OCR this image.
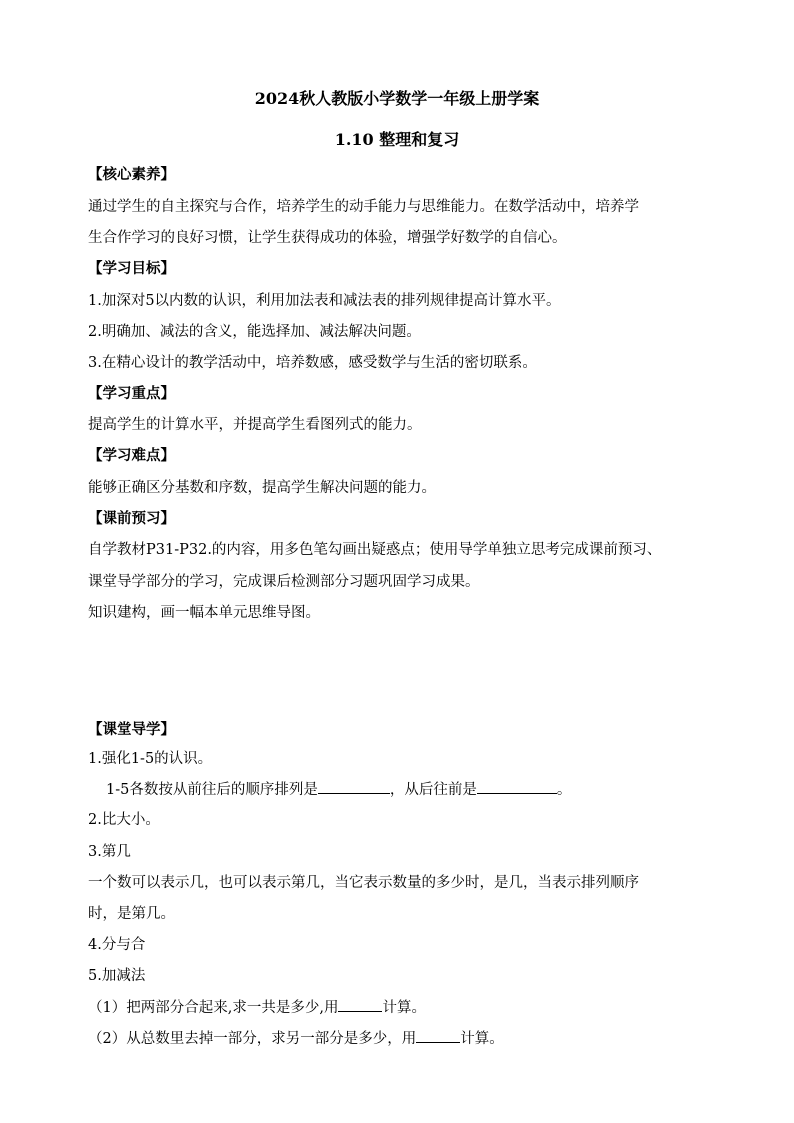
2024秋人教版小学数学一年级上册学案
1.10 整理和复习
【核心素养】
通过学生的自主探究与合作，培养学生的动手能力与思维能力。在数学活动中，培养学
生合作学习的良好习惯，让学生获得成功的体验，增强学好数学的自信心。
【学习目标】
1.加深对5以内数的认识，利用加法表和减法表的排列规律提高计算水平。
2.明确加、减法的含义，能选择加、减法解决问题。
3.在精心设计的教学活动中，培养数感，感受数学与生活的密切联系。
【学习重点】
提高学生的计算水平，并提高学生看图列式的能力。
【学习难点】
能够正确区分基数和序数，提高学生解决问题的能力。
【课前预习】
自学教材P31-P32.的内容，用多色笔勾画出疑惑点；使用导学单独立思考完成课前预习、
课堂导学部分的学习，完成课后检测部分习题巩固学习成果。
知识建构，画一幅本单元思维导图。
【课堂导学】
1.强化1-5的认识。
1-5各数按从前往后的顺序排列是	，从后往前是	。
2.比大小。
3.第几
一个数可以表示几，也可以表示第几，当它表示数量的多少时，是几，当表示排列顺序
时，是第几。
4.分与合
5.加减法
（1）把两部分合起来,求一共是多少,用	计算。
（2）从总数里去掉一部分，求另一部分是多少，用	计算。
